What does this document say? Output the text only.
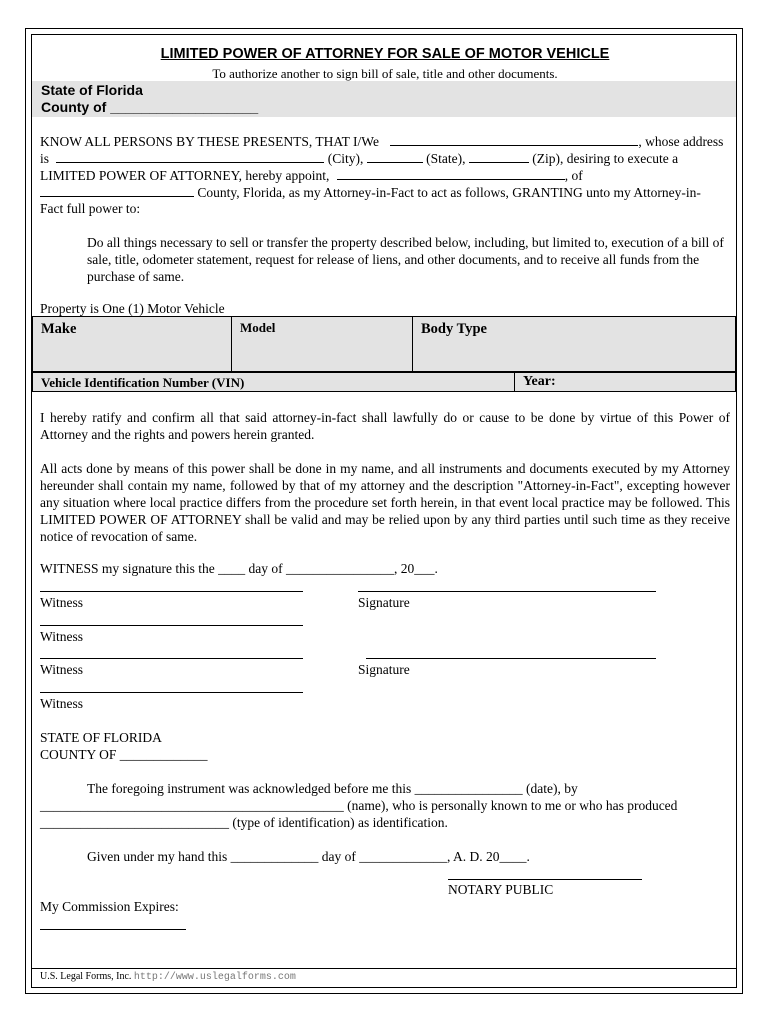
LIMITED POWER OF ATTORNEY FOR SALE OF MOTOR VEHICLE
To authorize another to sign bill of sale, title and other documents.
State of Florida
County of ___________________
KNOW ALL PERSONS BY THESE PRESENTS, THAT I/We	, whose address
is	(City),	(State),	(Zip), desiring to execute a
LIMITED POWER OF ATTORNEY, hereby appoint,	, of
County, Florida, as my Attorney-in-Fact to act as follows, GRANTING unto my Attorney-in-
Fact full power to:
Do all things necessary to sell or transfer the property described below, including, but limited to, execution of a bill of sale, title, odometer statement, request for release of liens, and other documents, and to receive all funds from the purchase of same.
Property is One (1) Motor Vehicle
Make	Model	Body Type
Vehicle Identification Number (VIN)	Year:
I hereby ratify and confirm all that said attorney-in-fact shall lawfully do or cause to be done by virtue of this Power of Attorney and the rights and powers herein granted.
All acts done by means of this power shall be done in my name, and all instruments and documents executed by my Attorney hereunder shall contain my name, followed by that of my attorney and the description "Attorney-in-Fact", excepting however any situation where local practice differs from the procedure set forth herein, in that event local practice may be followed. This LIMITED POWER OF ATTORNEY shall be valid and may be relied upon by any third parties until such time as they receive notice of revocation of same.
WITNESS my signature this the ____ day of ________________, 20___.
Witness	Signature
Witness
Witness	Signature
Witness
STATE OF FLORIDA
COUNTY OF _____________
The foregoing instrument was acknowledged before me this ________________ (date), by
_____________________________________________ (name), who is personally known to me or who has produced
____________________________ (type of identification) as identification.
Given under my hand this _____________ day of _____________, A. D. 20____.
NOTARY PUBLIC
My Commission Expires:
U.S. Legal Forms, Inc. http://www.uslegalforms.com
